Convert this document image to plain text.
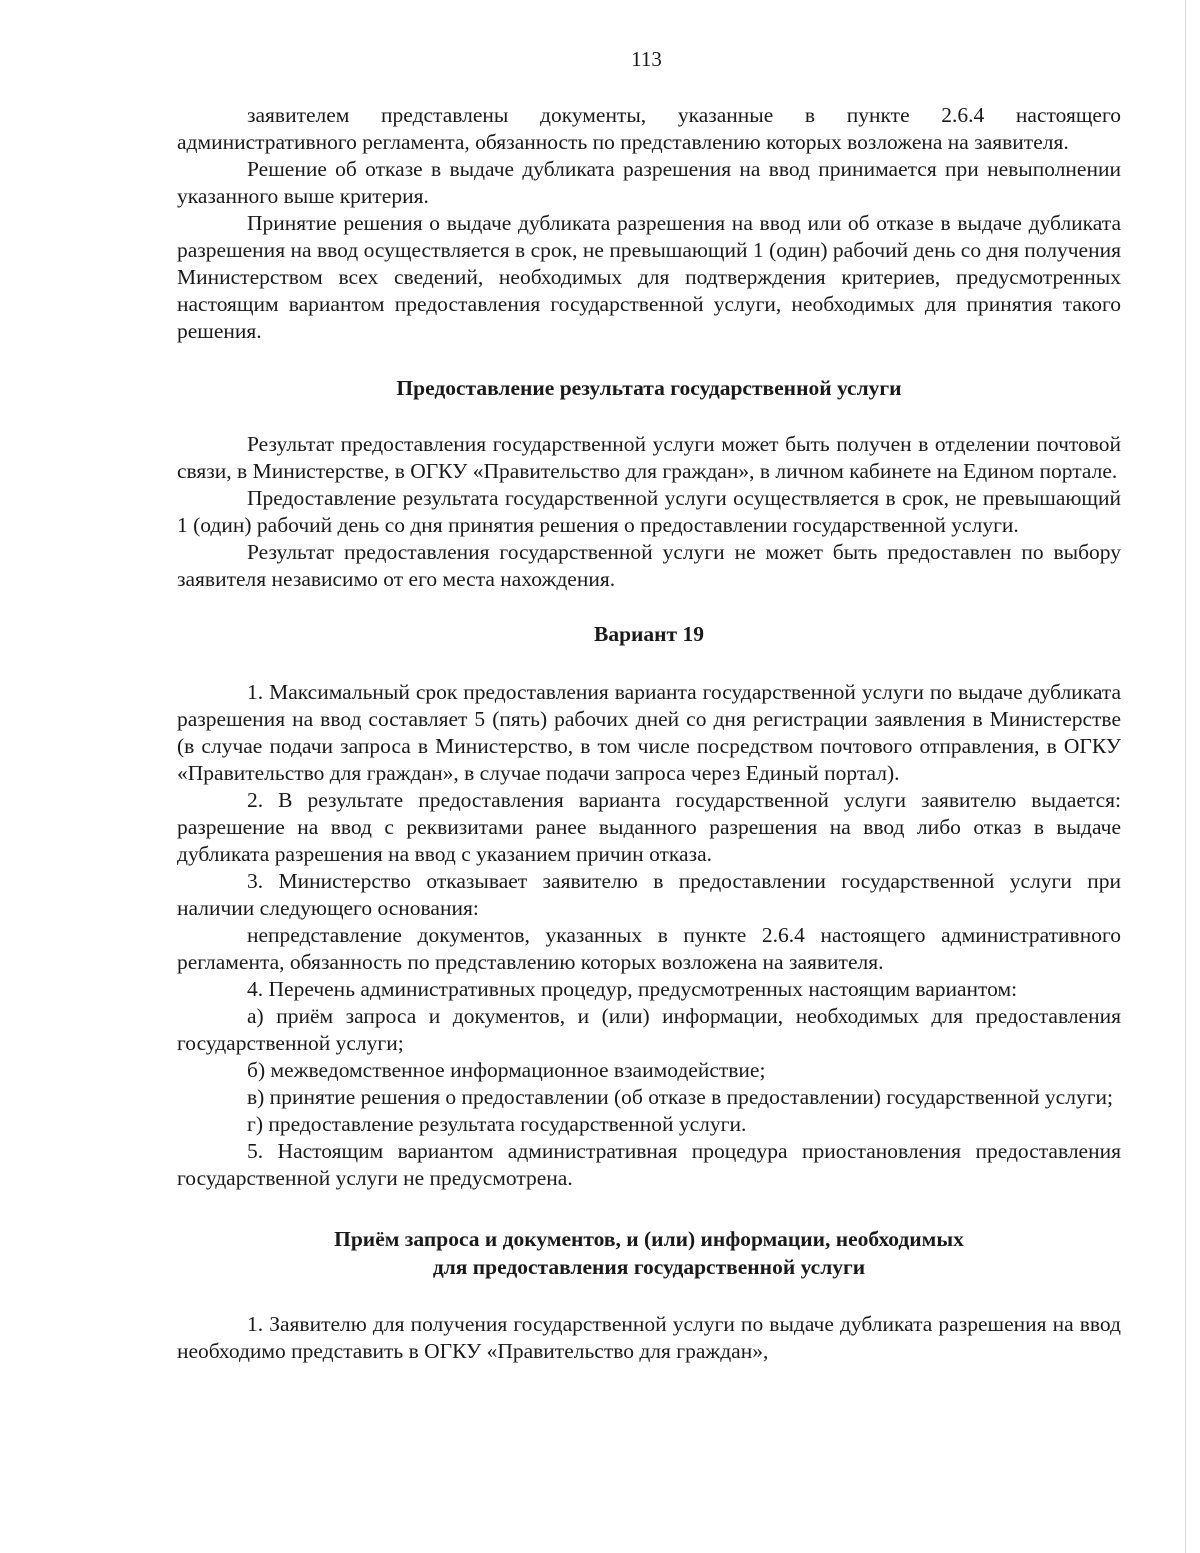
113

заявителем представлены документы, указанные в пункте 2.6.4 настоящего административного регламента, обязанность по представлению которых возложена на заявителя.

Решение об отказе в выдаче дубликата разрешения на ввод принимается при невыполнении указанного выше критерия.

Принятие решения о выдаче дубликата разрешения на ввод или об отказе в выдаче дубликата разрешения на ввод осуществляется в срок, не превышающий 1 (один) рабочий день со дня получения Министерством всех сведений, необходимых для подтверждения критериев, предусмотренных настоящим вариантом предоставления государственной услуги, необходимых для принятия такого решения.

Предоставление результата государственной услуги

Результат предоставления государственной услуги может быть получен в отделении почтовой связи, в Министерстве, в ОГКУ «Правительство для граждан», в личном кабинете на Едином портале.

Предоставление результата государственной услуги осуществляется в срок, не превышающий 1 (один) рабочий день со дня принятия решения о предоставлении государственной услуги.

Результат предоставления государственной услуги не может быть предоставлен по выбору заявителя независимо от его места нахождения.

Вариант 19

1. Максимальный срок предоставления варианта государственной услуги по выдаче дубликата разрешения на ввод составляет 5 (пять) рабочих дней со дня регистрации заявления в Министерстве (в случае подачи запроса в Министерство, в том числе посредством почтового отправления, в ОГКУ «Правительство для граждан», в случае подачи запроса через Единый портал).

2. В результате предоставления варианта государственной услуги заявителю выдается: разрешение на ввод с реквизитами ранее выданного разрешения на ввод либо отказ в выдаче дубликата разрешения на ввод с указанием причин отказа.

3. Министерство отказывает заявителю в предоставлении государственной услуги при наличии следующего основания:

непредставление документов, указанных в пункте 2.6.4 настоящего административного регламента, обязанность по представлению которых возложена на заявителя.

4. Перечень административных процедур, предусмотренных настоящим вариантом:

а) приём запроса и документов, и (или) информации, необходимых для предоставления государственной услуги;

б) межведомственное информационное взаимодействие;

в) принятие решения о предоставлении (об отказе в предоставлении) государственной услуги;

г) предоставление результата государственной услуги.

5. Настоящим вариантом административная процедура приостановления предоставления государственной услуги не предусмотрена.

Приём запроса и документов, и (или) информации, необходимых
для предоставления государственной услуги

1. Заявителю для получения государственной услуги по выдаче дубликата разрешения на ввод необходимо представить в ОГКУ «Правительство для граждан»,
